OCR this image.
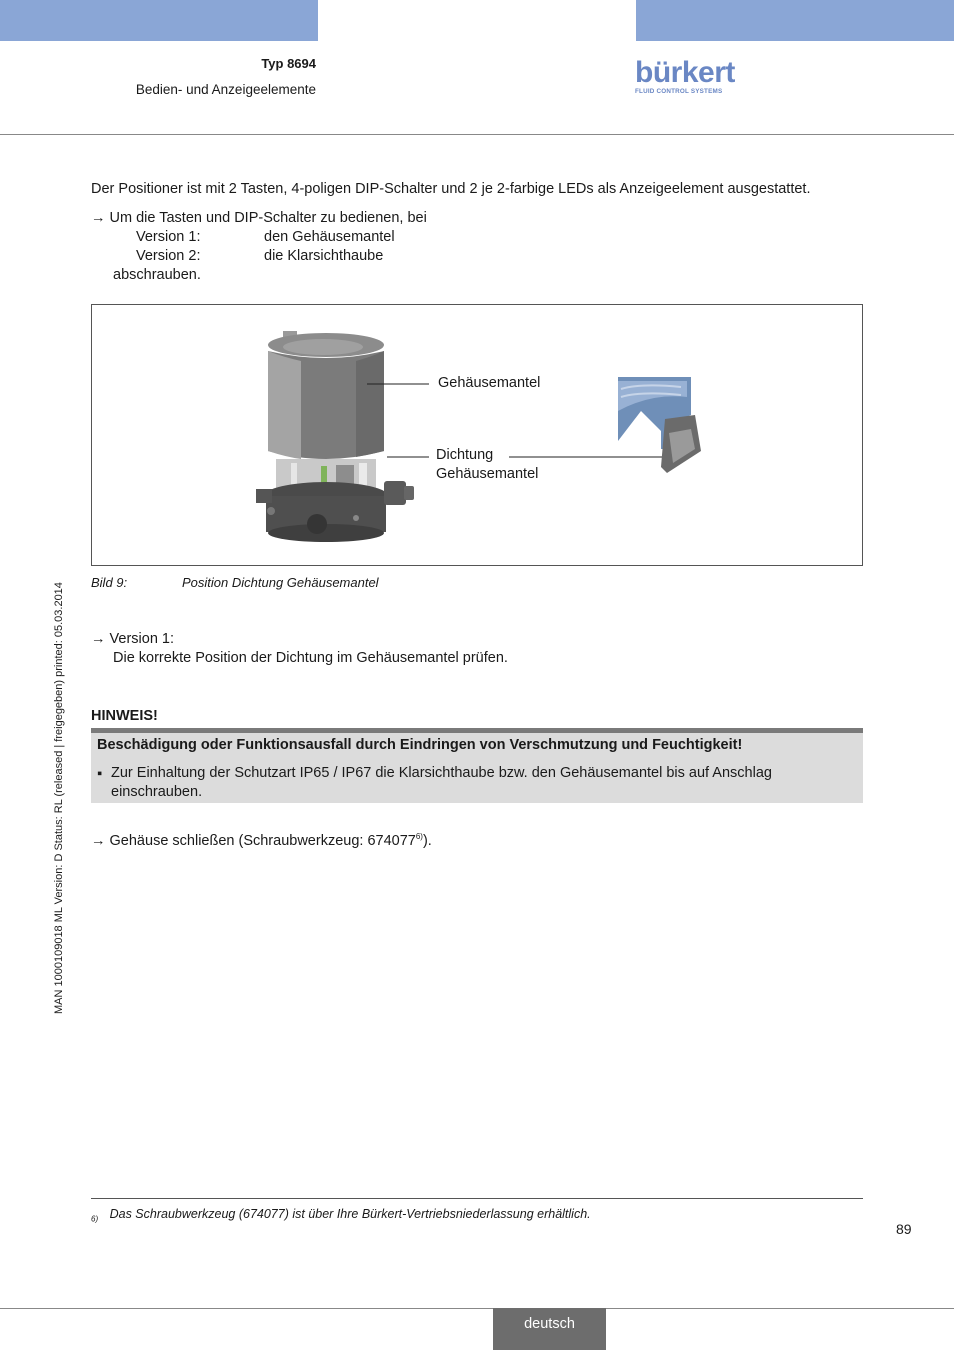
Typ 8694
Bedien- und Anzeigeelemente
bürkert
FLUID CONTROL SYSTEMS
MAN 1000109018 ML Version: D Status: RL (released | freigegeben) printed: 05.03.2014
Der Positioner ist mit 2 Tasten, 4-poligen DIP-Schalter und 2 je 2-farbige LEDs als Anzeigeelement ausgestattet.
→ Um die Tasten und DIP-Schalter zu bedienen, bei
Version 1:	den Gehäusemantel
Version 2:	die Klarsichthaube
abschrauben.
Gehäusemantel
Dichtung
Gehäusemantel
Bild 9:	Position Dichtung Gehäusemantel
→ Version 1:
Die korrekte Position der Dichtung im Gehäusemantel prüfen.
HINWEIS!
Beschädigung oder Funktionsausfall durch Eindringen von Verschmutzung und Feuchtigkeit!
▪ Zur Einhaltung der Schutzart IP65 / IP67 die Klarsichthaube bzw. den Gehäusemantel bis auf Anschlag
einschrauben.
→ Gehäuse schließen (Schraubwerkzeug: 674077$^{6)}$).
$_{6)}$ Das Schraubwerkzeug (674077) ist über Ihre Bürkert-Vertriebsniederlassung erhältlich.
89
deutsch
